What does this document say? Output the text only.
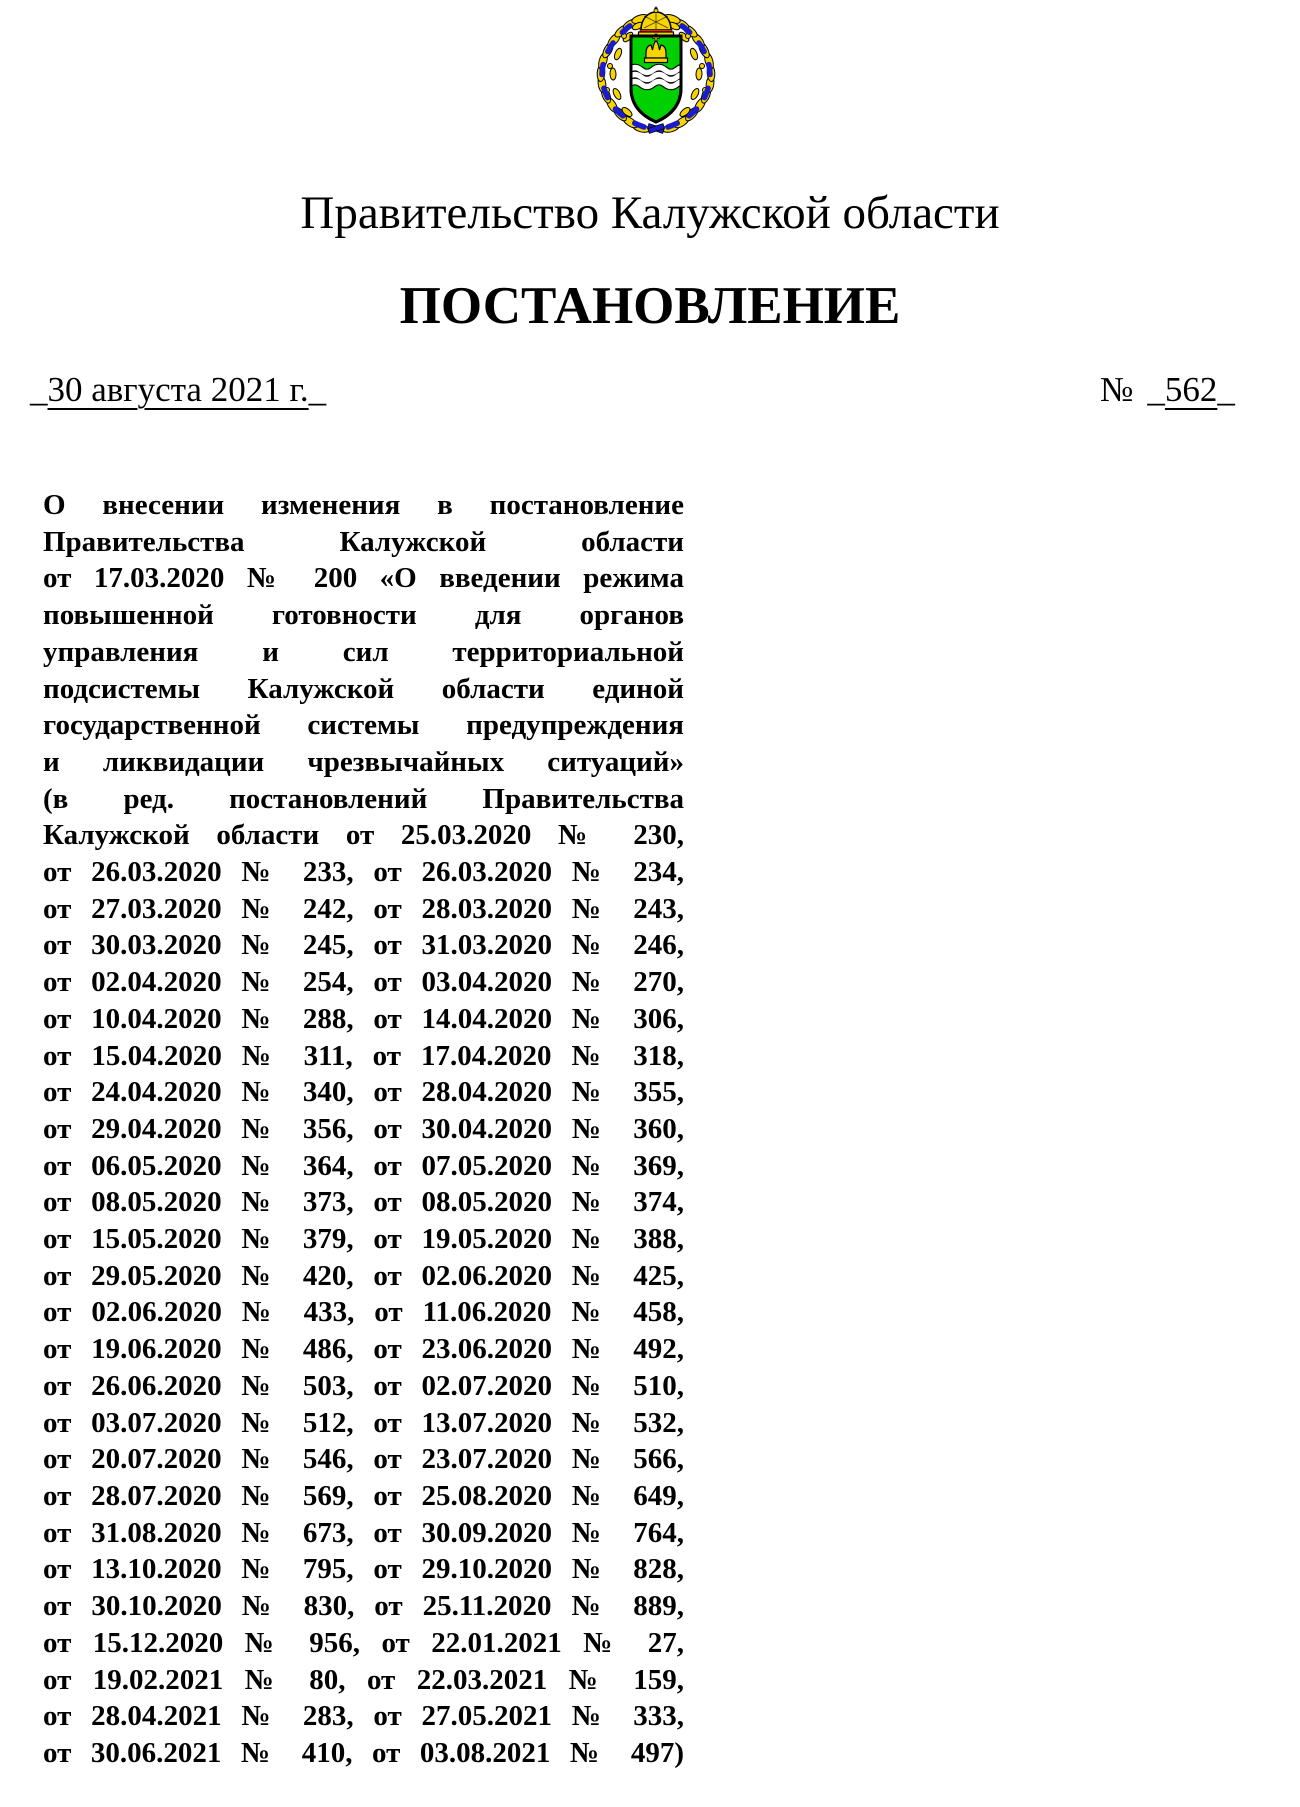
Правительство Калужской области
ПОСТАНОВЛЕНИЕ
_30 августа 2021 г._	№ _562_
О внесении изменения в постановление
Правительства Калужской области
от 17.03.2020 № 200 «О введении режима
повышенной готовности для органов
управления и сил территориальной
подсистемы Калужской области единой
государственной системы предупреждения
и ликвидации чрезвычайных ситуаций»
(в ред. постановлений Правительства
Калужской области от 25.03.2020 № 230,
от 26.03.2020 № 233, от 26.03.2020 № 234,
от 27.03.2020 № 242, от 28.03.2020 № 243,
от 30.03.2020 № 245, от 31.03.2020 № 246,
от 02.04.2020 № 254, от 03.04.2020 № 270,
от 10.04.2020 № 288, от 14.04.2020 № 306,
от 15.04.2020 № 311, от 17.04.2020 № 318,
от 24.04.2020 № 340, от 28.04.2020 № 355,
от 29.04.2020 № 356, от 30.04.2020 № 360,
от 06.05.2020 № 364, от 07.05.2020 № 369,
от 08.05.2020 № 373, от 08.05.2020 № 374,
от 15.05.2020 № 379, от 19.05.2020 № 388,
от 29.05.2020 № 420, от 02.06.2020 № 425,
от 02.06.2020 № 433, от 11.06.2020 № 458,
от 19.06.2020 № 486, от 23.06.2020 № 492,
от 26.06.2020 № 503, от 02.07.2020 № 510,
от 03.07.2020 № 512, от 13.07.2020 № 532,
от 20.07.2020 № 546, от 23.07.2020 № 566,
от 28.07.2020 № 569, от 25.08.2020 № 649,
от 31.08.2020 № 673, от 30.09.2020 № 764,
от 13.10.2020 № 795, от 29.10.2020 № 828,
от 30.10.2020 № 830, от 25.11.2020 № 889,
от 15.12.2020 № 956, от 22.01.2021 № 27,
от 19.02.2021 № 80, от 22.03.2021 № 159,
от 28.04.2021 № 283, от 27.05.2021 № 333,
от 30.06.2021 № 410, от 03.08.2021 № 497)
